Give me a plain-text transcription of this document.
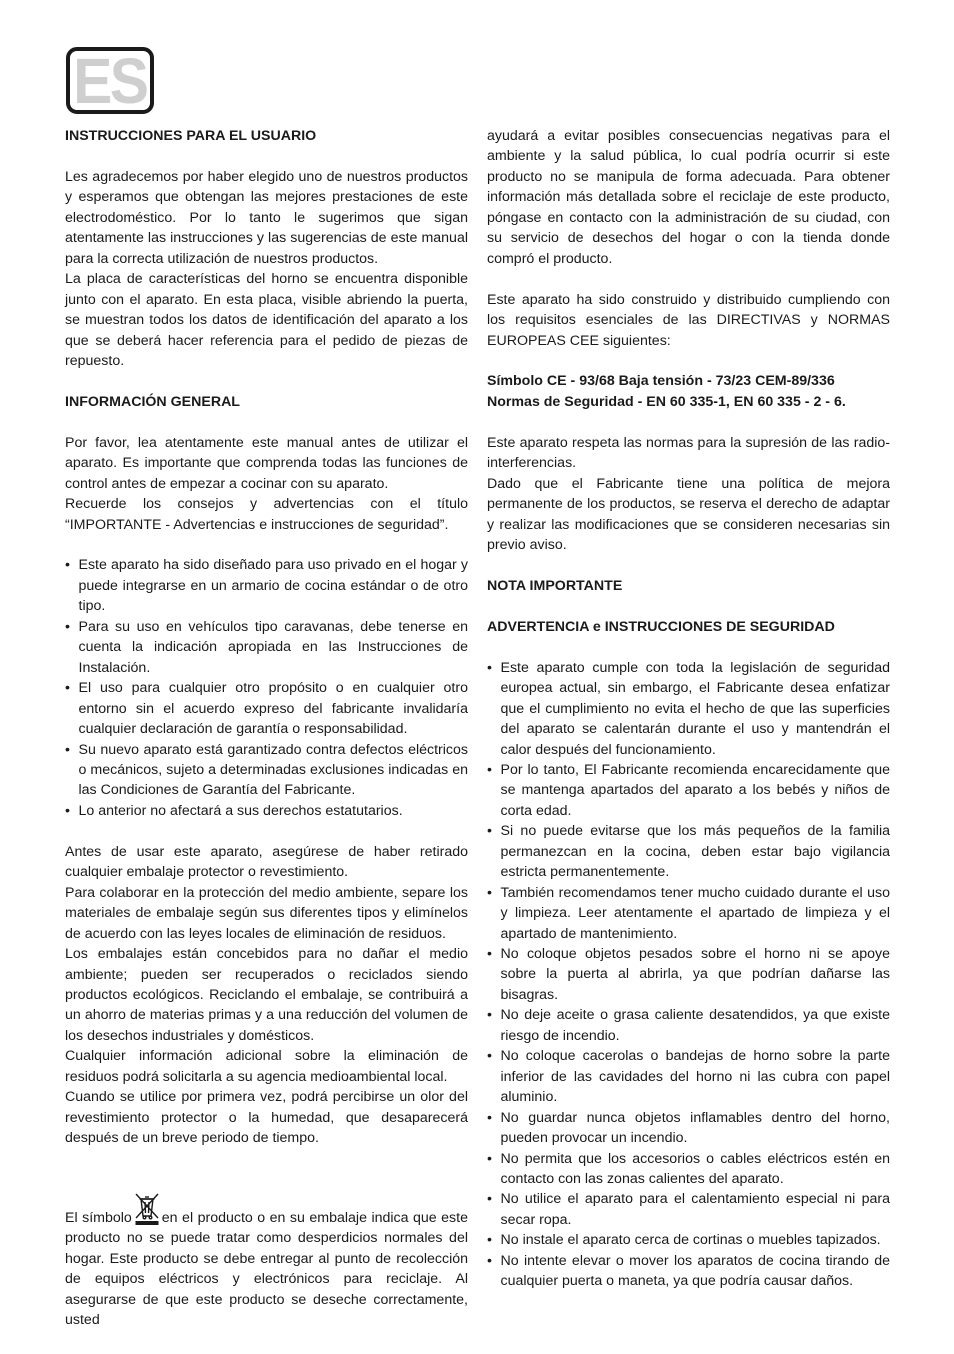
ES

INSTRUCCIONES PARA EL USUARIO

Les agradecemos por haber elegido uno de nuestros productos y esperamos que obtengan las mejores prestaciones de este electrodoméstico. Por lo tanto le sugerimos que sigan atentamente las instrucciones y las sugerencias de este manual para la correcta utilización de nuestros productos.

La placa de características del horno se encuentra disponible junto con el aparato. En esta placa, visible abriendo la puerta, se muestran todos los datos de identificación del aparato a los que se deberá hacer referencia para el pedido de piezas de repuesto.

INFORMACIÓN GENERAL

Por favor, lea atentamente este manual antes de utilizar el aparato. Es importante que comprenda todas las funciones de control antes de empezar a cocinar con su aparato.

Recuerde los consejos y advertencias con el título “IMPORTANTE - Advertencias e instrucciones de seguridad”.

• Este aparato ha sido diseñado para uso privado en el hogar y puede integrarse en un armario de cocina estándar o de otro tipo.
• Para su uso en vehículos tipo caravanas, debe tenerse en cuenta la indicación apropiada en las Instrucciones de Instalación.
• El uso para cualquier otro propósito o en cualquier otro entorno sin el acuerdo expreso del fabricante invalidaría cualquier declaración de garantía o responsabilidad.
• Su nuevo aparato está garantizado contra defectos eléctricos o mecánicos, sujeto a determinadas exclusiones indicadas en las Condiciones de Garantía del Fabricante.
• Lo anterior no afectará a sus derechos estatutarios.

Antes de usar este aparato, asegúrese de haber retirado cualquier embalaje protector o revestimiento.

Para colaborar en la protección del medio ambiente, separe los materiales de embalaje según sus diferentes tipos y elimínelos de acuerdo con las leyes locales de eliminación de residuos.

Los embalajes están concebidos para no dañar el medio ambiente; pueden ser recuperados o reciclados siendo productos ecológicos. Reciclando el embalaje, se contribuirá a un ahorro de materias primas y a una reducción del volumen de los desechos industriales y domésticos.

Cualquier información adicional sobre la eliminación de residuos podrá solicitarla a su agencia medioambiental local.

Cuando se utilice por primera vez, podrá percibirse un olor del revestimiento protector o la humedad, que desaparecerá después de un breve periodo de tiempo.

El símbolo en el producto o en su embalaje indica que este producto no se puede tratar como desperdicios normales del hogar. Este producto se debe entregar al punto de recolección de equipos eléctricos y electrónicos para reciclaje. Al asegurarse de que este producto se deseche correctamente, usted

ayudará a evitar posibles consecuencias negativas para el ambiente y la salud pública, lo cual podría ocurrir si este producto no se manipula de forma adecuada. Para obtener información más detallada sobre el reciclaje de este producto, póngase en contacto con la administración de su ciudad, con su servicio de desechos del hogar o con la tienda donde compró el producto.

Este aparato ha sido construido y distribuido cumpliendo con los requisitos esenciales de las DIRECTIVAS y NORMAS EUROPEAS CEE siguientes:

Símbolo CE - 93/68 Baja tensión - 73/23 CEM-89/336

Normas de Seguridad - EN 60 335-1, EN 60 335 - 2 - 6.

Este aparato respeta las normas para la supresión de las radio-interferencias.

Dado que el Fabricante tiene una política de mejora permanente de los productos, se reserva el derecho de adaptar y realizar las modificaciones que se consideren necesarias sin previo aviso.

NOTA IMPORTANTE

ADVERTENCIA e INSTRUCCIONES DE SEGURIDAD

• Este aparato cumple con toda la legislación de seguridad europea actual, sin embargo, el Fabricante desea enfatizar que el cumplimiento no evita el hecho de que las superficies del aparato se calentarán durante el uso y mantendrán el calor después del funcionamiento.
• Por lo tanto, El Fabricante recomienda encarecidamente que se mantenga apartados del aparato a los bebés y niños de corta edad.
• Si no puede evitarse que los más pequeños de la familia permanezcan en la cocina, deben estar bajo vigilancia estricta permanentemente.
• También recomendamos tener mucho cuidado durante el uso y limpieza. Leer atentamente el apartado de limpieza y el apartado de mantenimiento.
• No coloque objetos pesados sobre el horno ni se apoye sobre la puerta al abrirla, ya que podrían dañarse las bisagras.
• No deje aceite o grasa caliente desatendidos, ya que existe riesgo de incendio.
• No coloque cacerolas o bandejas de horno sobre la parte inferior de las cavidades del horno ni las cubra con papel aluminio.
• No guardar nunca objetos inflamables dentro del horno, pueden provocar un incendio.
• No permita que los accesorios o cables eléctricos estén en contacto con las zonas calientes del aparato.
• No utilice el aparato para el calentamiento especial ni para secar ropa.
• No instale el aparato cerca de cortinas o muebles tapizados.
• No intente elevar o mover los aparatos de cocina tirando de cualquier puerta o maneta, ya que podría causar daños.
